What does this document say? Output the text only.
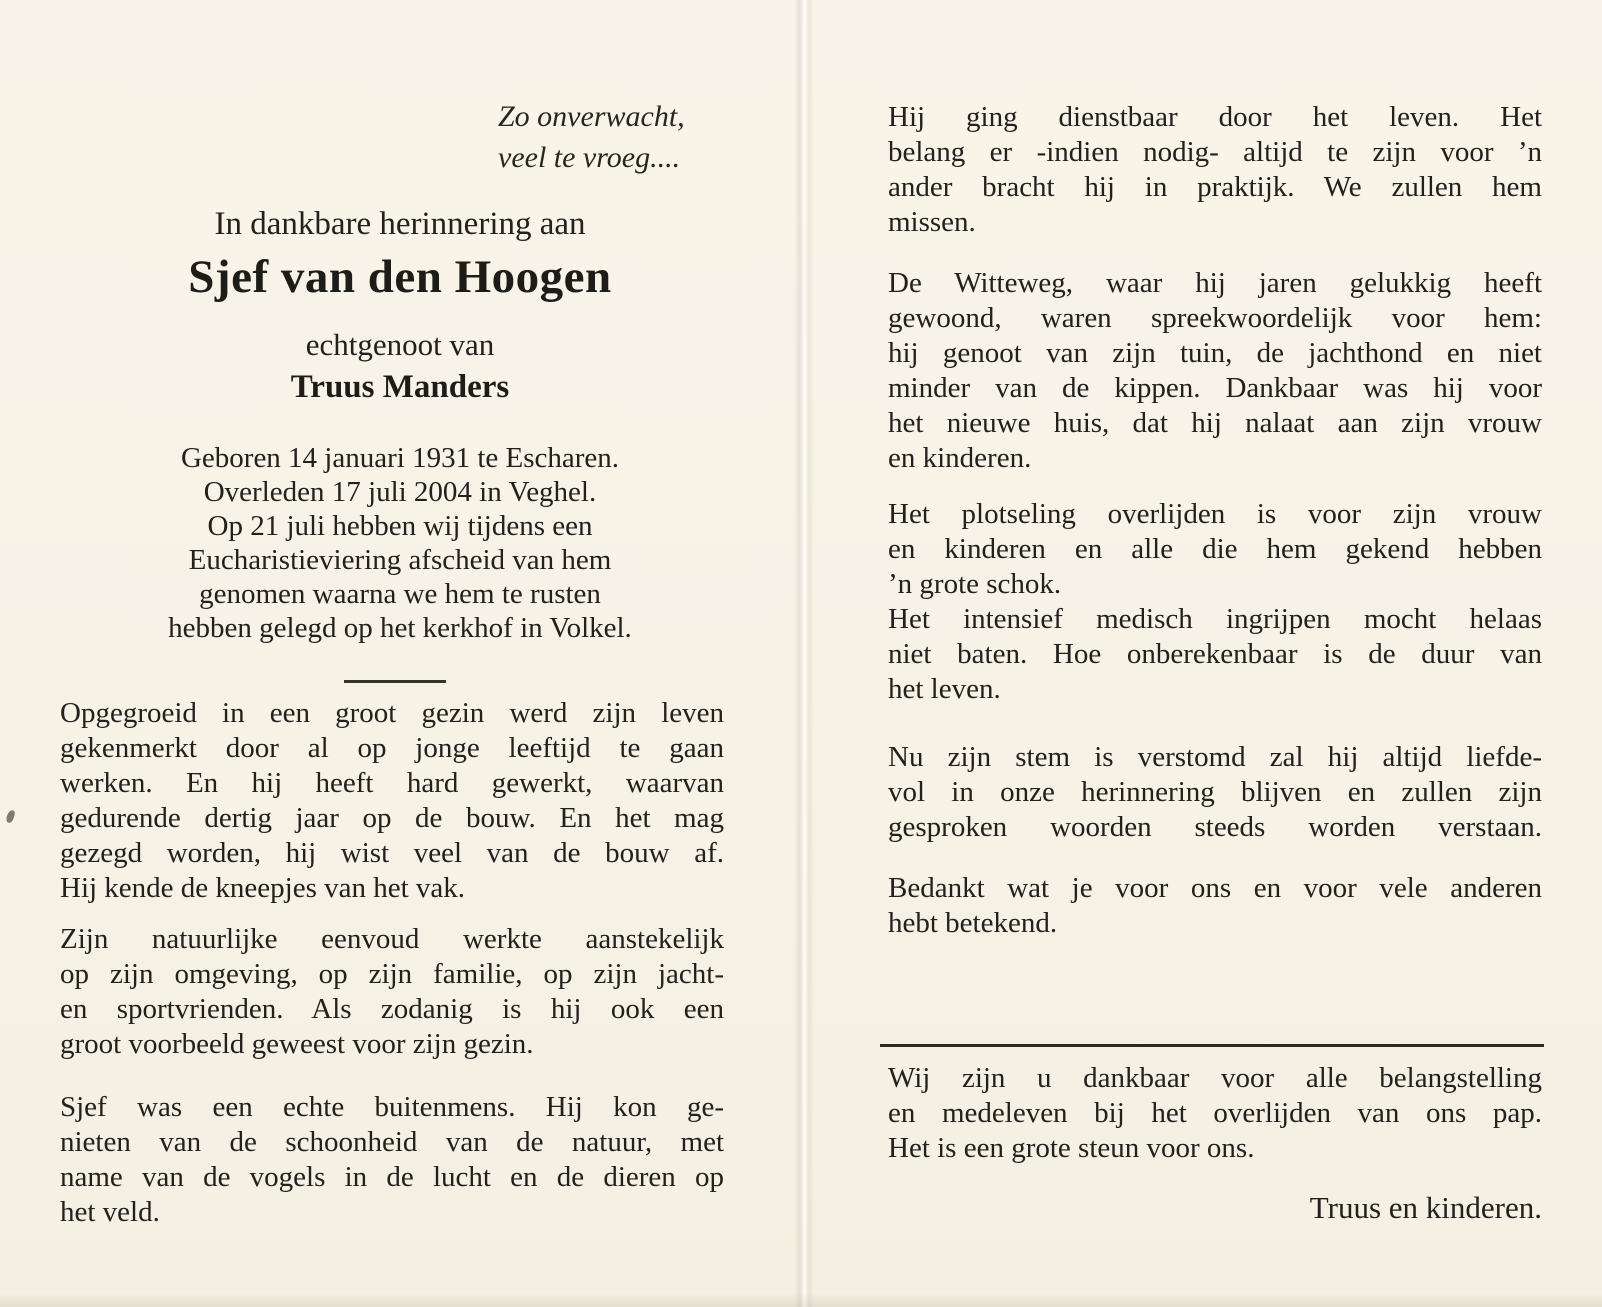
Zo onverwacht,
veel te vroeg....
In dankbare herinnering aan
Sjef van den Hoogen
echtgenoot van
Truus Manders
Geboren 14 januari 1931 te Escharen.
Overleden 17 juli 2004 in Veghel.
Op 21 juli hebben wij tijdens een
Eucharistieviering afscheid van hem
genomen waarna we hem te rusten
hebben gelegd op het kerkhof in Volkel.
Opgegroeid in een groot gezin werd zijn leven
gekenmerkt door al op jonge leeftijd te gaan
werken. En hij heeft hard gewerkt, waarvan
gedurende dertig jaar op de bouw. En het mag
gezegd worden, hij wist veel van de bouw af.
Hij kende de kneepjes van het vak.
Zijn natuurlijke eenvoud werkte aanstekelijk
op zijn omgeving, op zijn familie, op zijn jacht-
en sportvrienden. Als zodanig is hij ook een
groot voorbeeld geweest voor zijn gezin.
Sjef was een echte buitenmens. Hij kon ge-
nieten van de schoonheid van de natuur, met
name van de vogels in de lucht en de dieren op
het veld.
Hij ging dienstbaar door het leven. Het
belang er -indien nodig- altijd te zijn voor ’n
ander bracht hij in praktijk. We zullen hem
missen.
De Witteweg, waar hij jaren gelukkig heeft
gewoond, waren spreekwoordelijk voor hem:
hij genoot van zijn tuin, de jachthond en niet
minder van de kippen. Dankbaar was hij voor
het nieuwe huis, dat hij nalaat aan zijn vrouw
en kinderen.
Het plotseling overlijden is voor zijn vrouw
en kinderen en alle die hem gekend hebben
’n grote schok.
Het intensief medisch ingrijpen mocht helaas
niet baten. Hoe onberekenbaar is de duur van
het leven.
Nu zijn stem is verstomd zal hij altijd liefde-
vol in onze herinnering blijven en zullen zijn
gesproken woorden steeds worden verstaan.
Bedankt wat je voor ons en voor vele anderen
hebt betekend.
Wij zijn u dankbaar voor alle belangstelling
en medeleven bij het overlijden van ons pap.
Het is een grote steun voor ons.
Truus en kinderen.
